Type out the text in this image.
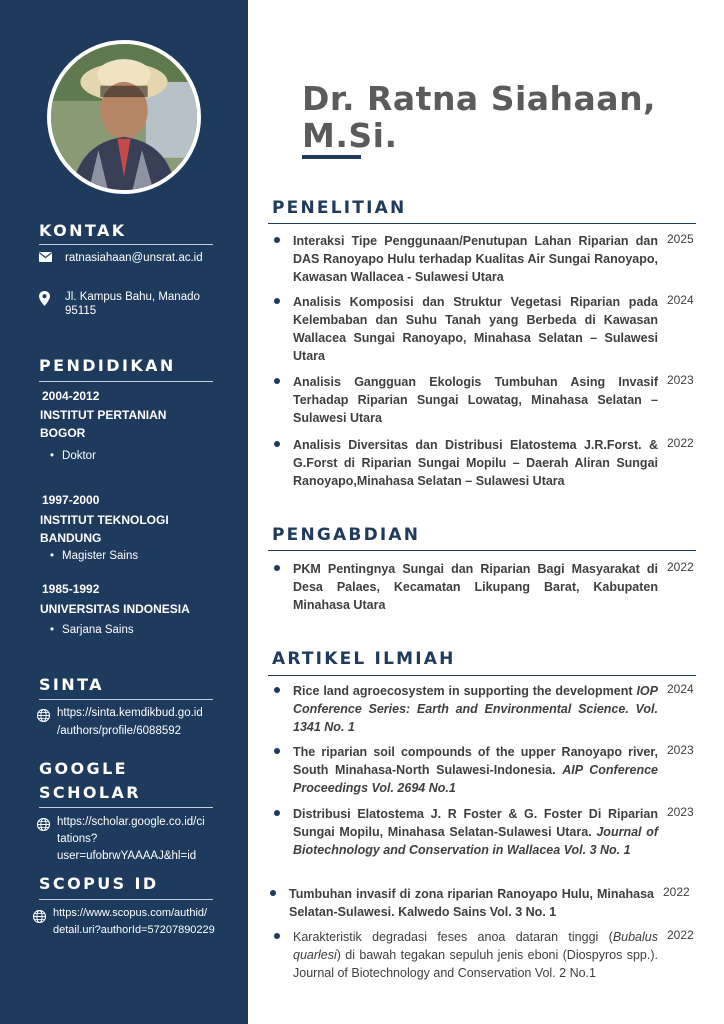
KONTAK
ratnasiahaan@unsrat.ac.id
Jl. Kampus Bahu, Manado 95115
PENDIDIKAN
2004-2012
INSTITUT PERTANIAN BOGOR
• Doktor
1997-2000
INSTITUT TEKNOLOGI BANDUNG
• Magister Sains
1985-1992
UNIVERSITAS INDONESIA
• Sarjana Sains
SINTA
https://sinta.kemdikbud.go.id
/authors/profile/6088592
GOOGLE
SCHOLAR
https://scholar.google.co.id/ci
tations?
user=ufobrwYAAAAJ&hl=id
SCOPUS ID
https://www.scopus.com/authid/
detail.uri?authorId=57207890229
Dr. Ratna Siahaan, M.Si.
PENELITIAN
Interaksi Tipe Penggunaan/Penutupan Lahan Riparian dan DAS Ranoyapo Hulu terhadap Kualitas Air Sungai Ranoyapo, Kawasan Wallacea - Sulawesi Utara
2025
Analisis Komposisi dan Struktur Vegetasi Riparian pada Kelembaban dan Suhu Tanah yang Berbeda di Kawasan Wallacea Sungai Ranoyapo, Minahasa Selatan – Sulawesi Utara
2024
Analisis Gangguan Ekologis Tumbuhan Asing Invasif Terhadap Riparian Sungai Lowatag, Minahasa Selatan – Sulawesi Utara
2023
Analisis Diversitas dan Distribusi Elatostema J.R.Forst. & G.Forst di Riparian Sungai Mopilu – Daerah Aliran Sungai Ranoyapo,Minahasa Selatan – Sulawesi Utara
2022
PENGABDIAN
PKM Pentingnya Sungai dan Riparian Bagi Masyarakat di Desa Palaes, Kecamatan Likupang Barat, Kabupaten Minahasa Utara
2022
ARTIKEL ILMIAH
Rice land agroecosystem in supporting the development IOP Conference Series: Earth and Environmental Science. Vol. 1341 No. 1
2024
The riparian soil compounds of the upper Ranoyapo river, South Minahasa-North Sulawesi-Indonesia. AIP Conference Proceedings Vol. 2694 No.1
2023
Distribusi Elatostema J. R Foster & G. Foster Di Riparian Sungai Mopilu, Minahasa Selatan-Sulawesi Utara. Journal of Biotechnology and Conservation in Wallacea Vol. 3 No. 1
2023
Tumbuhan invasif di zona riparian Ranoyapo Hulu, Minahasa Selatan-Sulawesi. Kalwedo Sains Vol. 3 No. 1
2022
Karakteristik degradasi feses anoa dataran tinggi (Bubalus quarlesi) di bawah tegakan sepuluh jenis eboni (Diospyros spp.). Journal of Biotechnology and Conservation Vol. 2 No.1
2022
